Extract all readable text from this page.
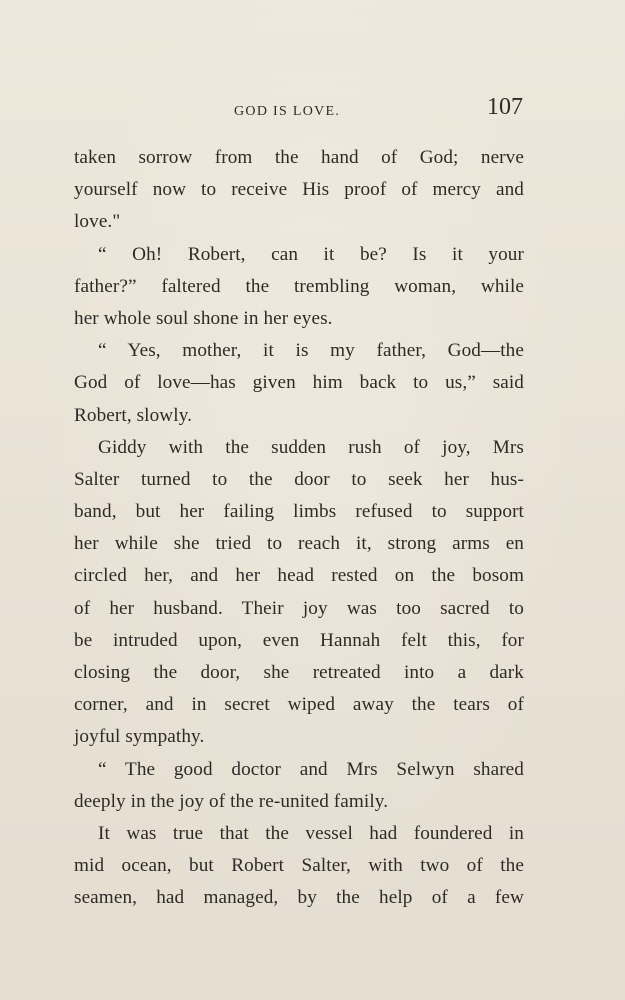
GOD IS LOVE.	107
taken sorrow from the hand of God; nerve
yourself now to receive His proof of mercy and
love."
“ Oh! Robert, can it be? Is it your
father?” faltered the trembling woman, while
her whole soul shone in her eyes.
“ Yes, mother, it is my father, God—the
God of love—has given him back to us,” said
Robert, slowly.
Giddy with the sudden rush of joy, Mrs
Salter turned to the door to seek her hus-
band, but her failing limbs refused to support
her while she tried to reach it, strong arms en
circled her, and her head rested on the bosom
of her husband. Their joy was too sacred to
be intruded upon, even Hannah felt this, for
closing the door, she retreated into a dark
corner, and in secret wiped away the tears of
joyful sympathy.
“ The good doctor and Mrs Selwyn shared
deeply in the joy of the re-united family.
It was true that the vessel had foundered in
mid ocean, but Robert Salter, with two of the
seamen, had managed, by the help of a few
